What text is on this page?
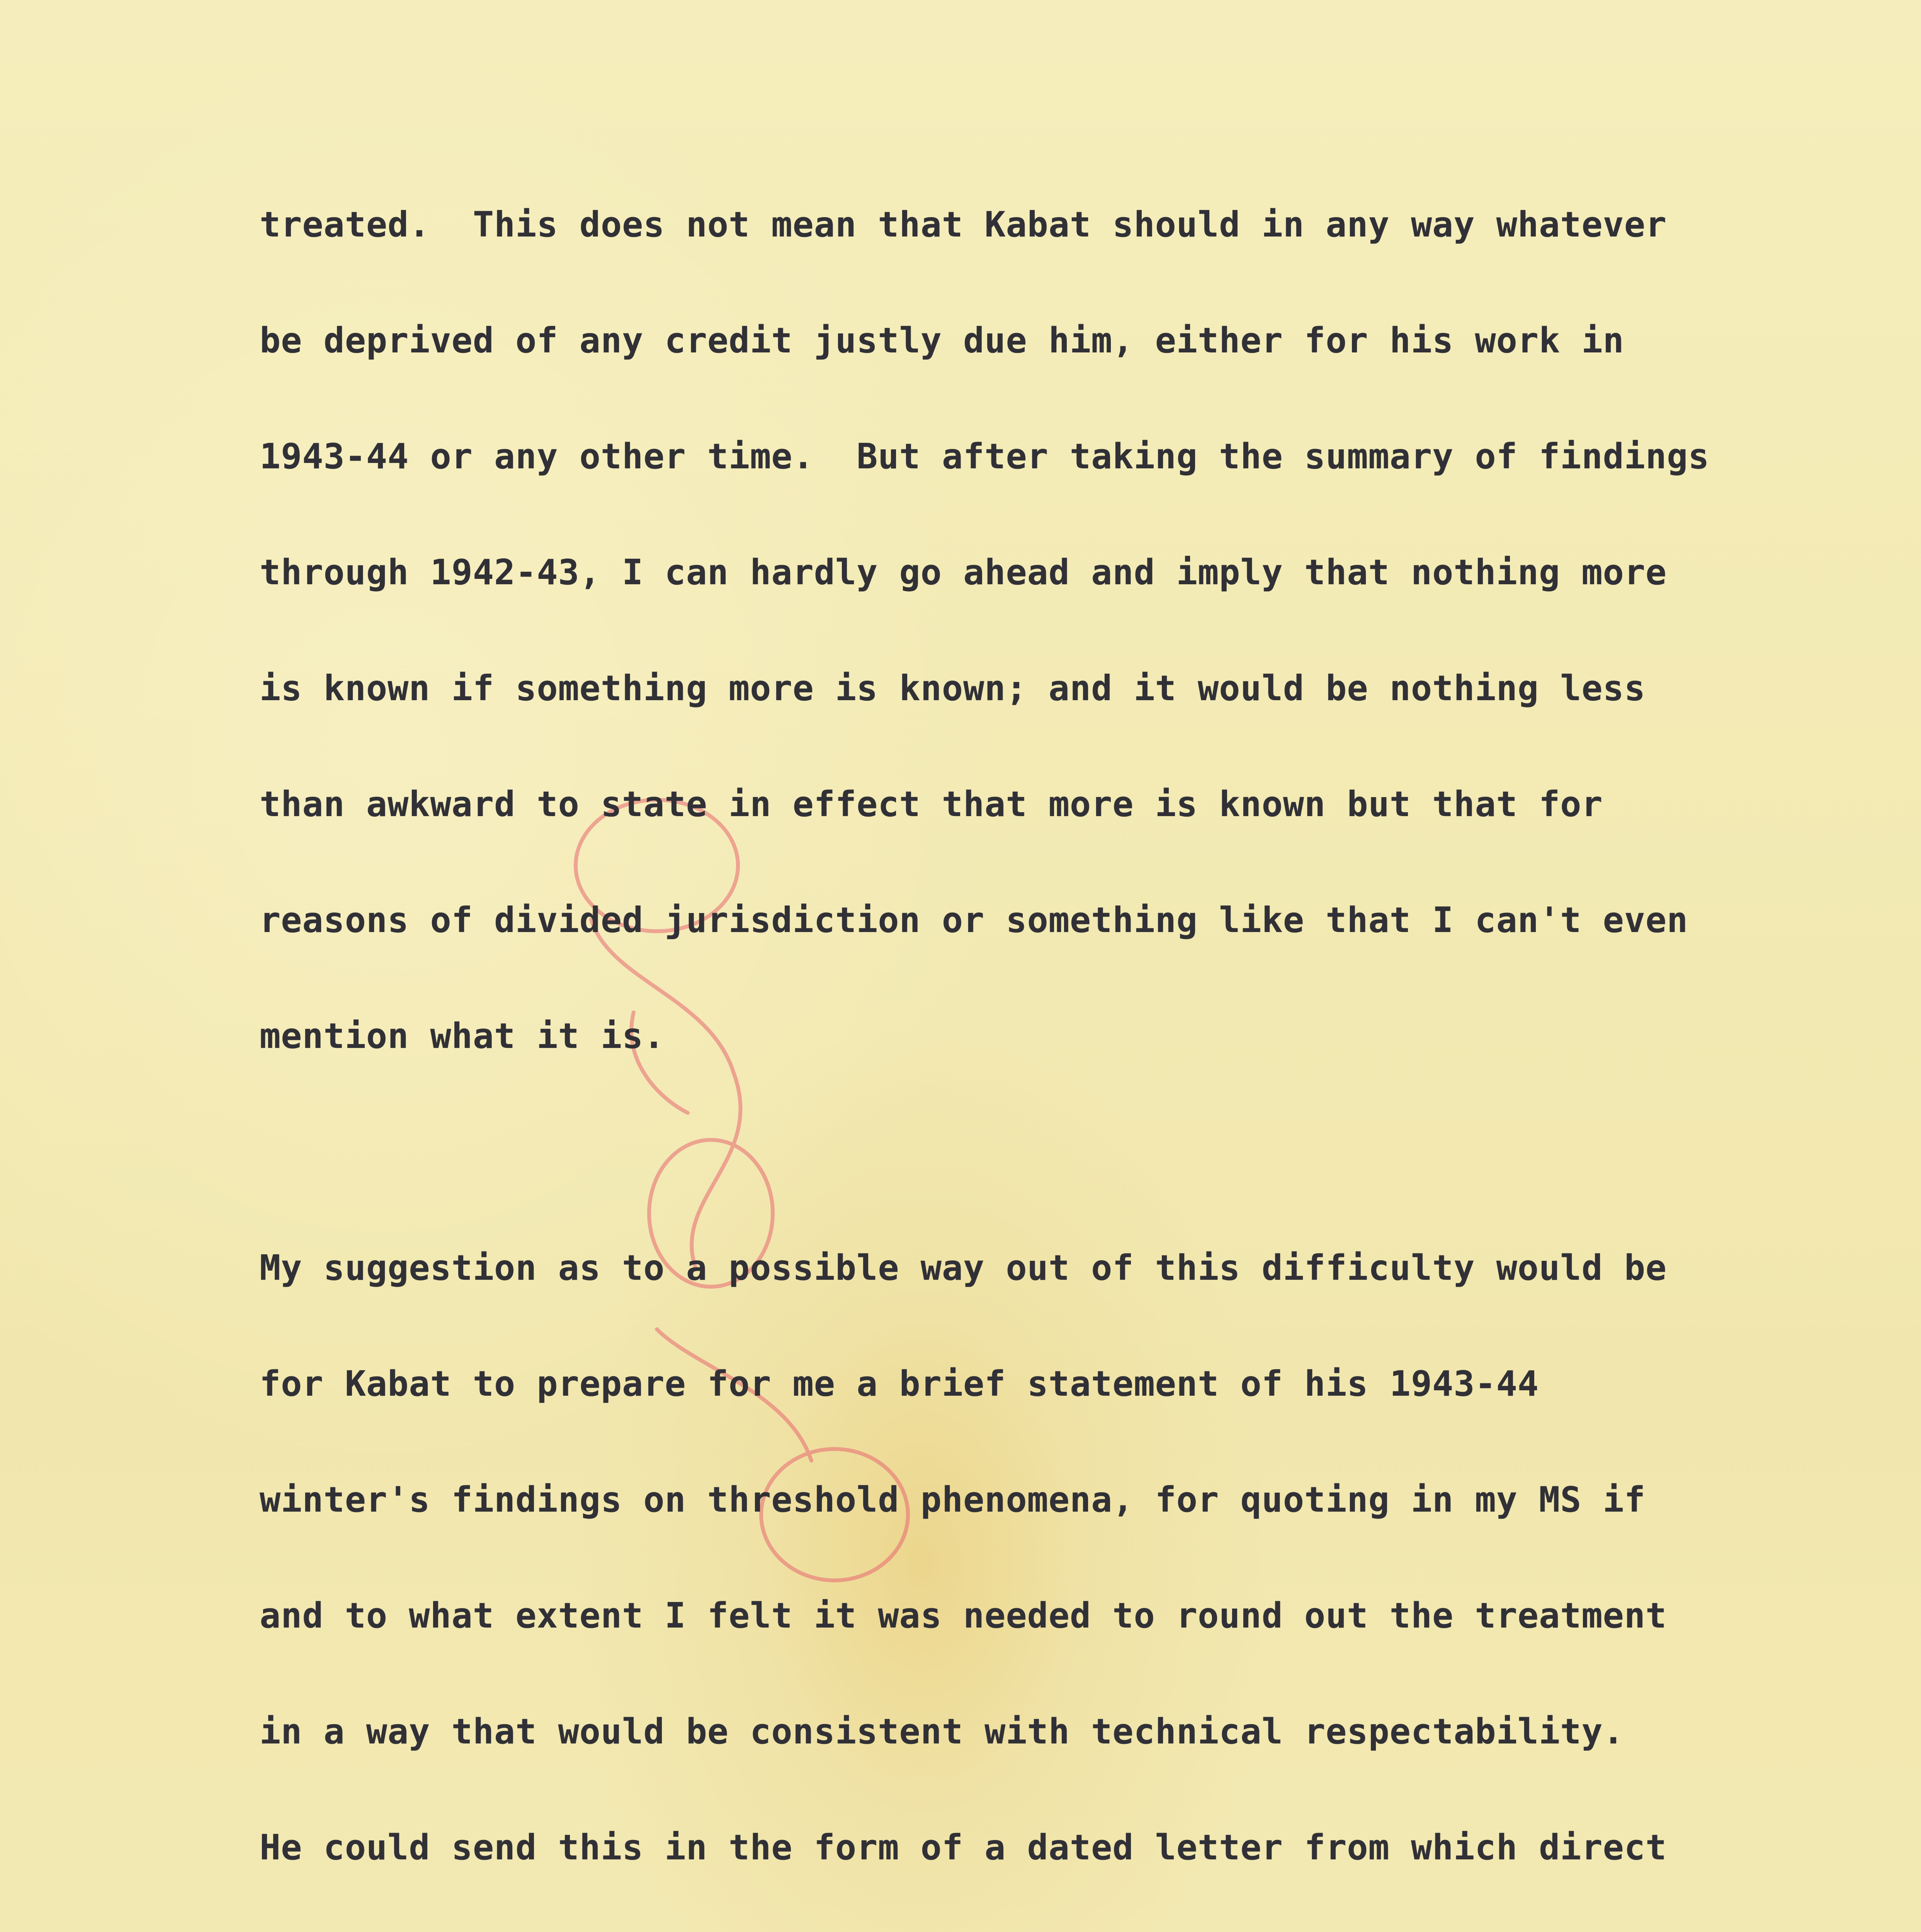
treated.  This does not mean that Kabat should in any way whatever

be deprived of any credit justly due him, either for his work in

1943-44 or any other time.  But after taking the summary of findings

through 1942-43, I can hardly go ahead and imply that nothing more

is known if something more is known; and it would be nothing less

than awkward to state in effect that more is known but that for

reasons of divided jurisdiction or something like that I can't even

mention what it is.

My suggestion as to a possible way out of this difficulty would be

for Kabat to prepare for me a brief statement of his 1943-44

winter's findings on threshold phenomena, for quoting in my MS if

and to what extent I felt it was needed to round out the treatment

in a way that would be consistent with technical respectability.

He could send this in the form of a dated letter from which direct
